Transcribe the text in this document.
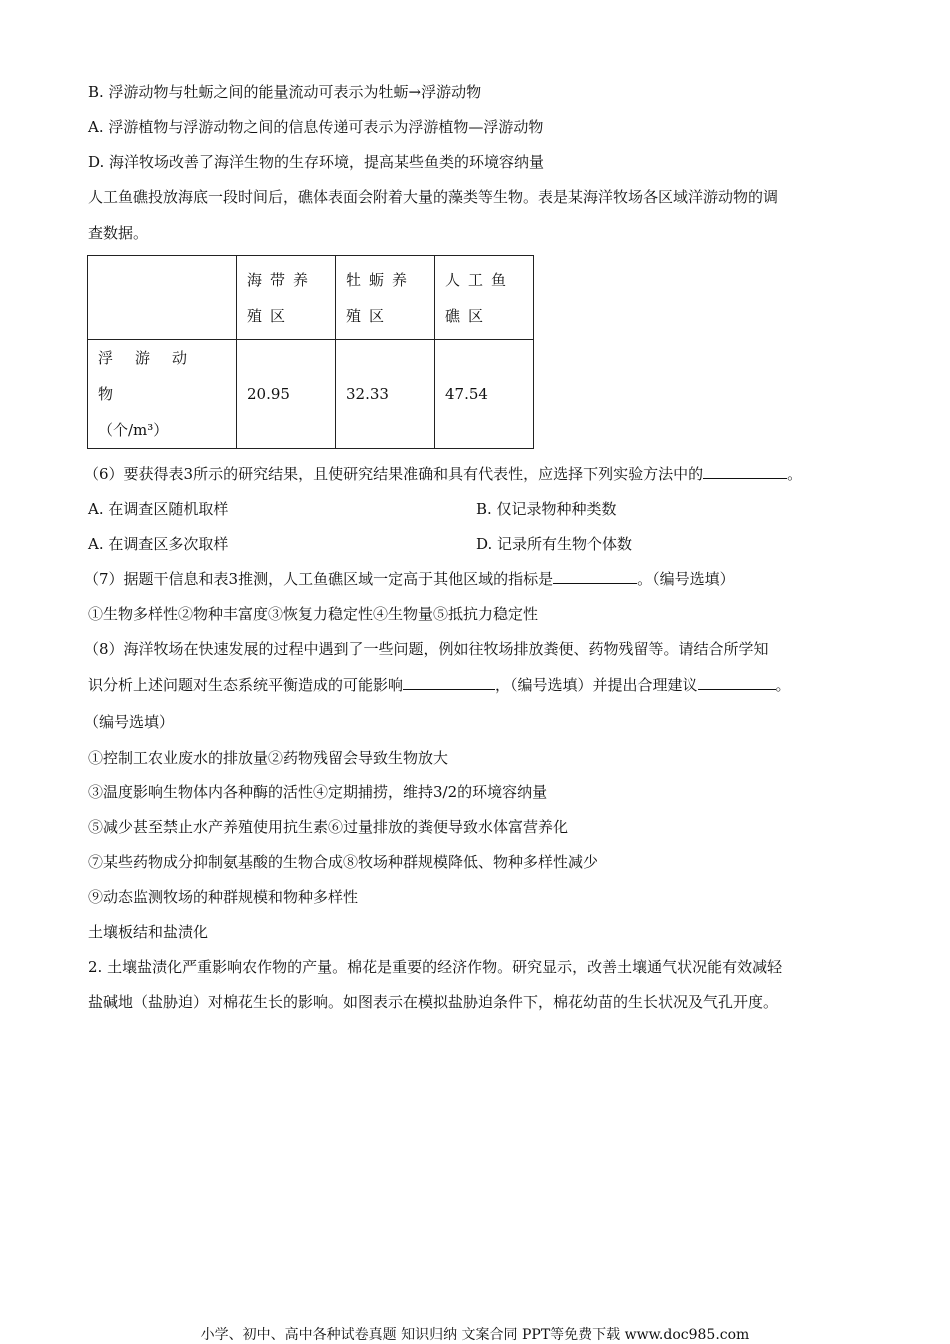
B. 浮游动物与牡蛎之间的能量流动可表示为牡蛎→浮游动物
A. 浮游植物与浮游动物之间的信息传递可表示为浮游植物—浮游动物
D. 海洋牧场改善了海洋生物的生存环境，提高某些鱼类的环境容纳量
人工鱼礁投放海底一段时间后，礁体表面会附着大量的藻类等生物。表是某海洋牧场各区域洋游动物的调
查数据。
	海带养殖区	牡蛎养殖区	人工鱼礁区

浮游动物
（个/m³）	20.95	32.33	47.54
（6）要获得表3所示的研究结果，且使研究结果准确和具有代表性，应选择下列实验方法中的	。
A. 在调查区随机取样	B. 仅记录物种种类数
A. 在调查区多次取样	D. 记录所有生物个体数
（7）据题干信息和表3推测，人工鱼礁区域一定高于其他区域的指标是	。（编号选填）
①生物多样性②物种丰富度③恢复力稳定性④生物量⑤抵抗力稳定性
（8）海洋牧场在快速发展的过程中遇到了一些问题，例如往牧场排放粪便、药物残留等。请结合所学知
识分析上述问题对生态系统平衡造成的可能影响	，（编号选填）并提出合理建议	。
（编号选填）
①控制工农业废水的排放量②药物残留会导致生物放大
③温度影响生物体内各种酶的活性④定期捕捞，维持3/2的环境容纳量
⑤减少甚至禁止水产养殖使用抗生素⑥过量排放的粪便导致水体富营养化
⑦某些药物成分抑制氨基酸的生物合成⑧牧场种群规模降低、物种多样性减少
⑨动态监测牧场的种群规模和物种多样性
土壤板结和盐渍化
2. 土壤盐渍化严重影响农作物的产量。棉花是重要的经济作物。研究显示，改善土壤通气状况能有效减轻
盐碱地（盐胁迫）对棉花生长的影响。如图表示在模拟盐胁迫条件下，棉花幼苗的生长状况及气孔开度。
小学、初中、高中各种试卷真题 知识归纳 文案合同 PPT等免费下载 www.doc985.com
